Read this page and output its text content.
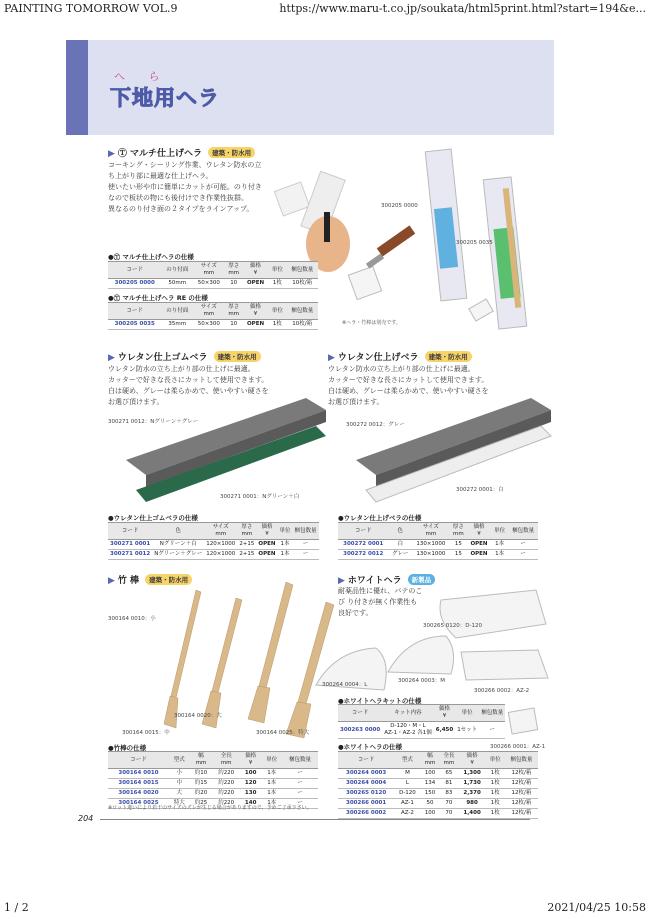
PAINTING TOMORROW VOL.9	https://www.maru-t.co.jp/soukata/html5print.html?start=194&e...
へ ら
下地用ヘラ
▶ Ⓣ マルチ仕上げヘラ 建築・防水用
コーキング・シーリング作業、ウレタン防水の立
ち上がり部に最適な仕上げヘラ。
使いたい形や巾に簡単にカットが可能。のり付き
なので板状の物にも後付けでき作業性抜群。
異なるのり付き面の２タイプをラインアップ。	300205 0000
300205 0035
※ヘラ・竹棒は別売です。
●Ⓣ マルチ仕上げヘラの仕様
コード	のり付面	サイズ
mm	厚さ
mm	価格
¥	単位	梱包数量
300205 0000	50mm	50×300	10	OPEN	1枚	10枚/箱
●Ⓣ マルチ仕上げヘラ RE の仕様
コード	のり付面	サイズ
mm	厚さ
mm	価格
¥	単位	梱包数量
300205 0035	35mm	50×300	10	OPEN	1枚	10枚/箱
▶ ウレタン仕上ゴムベラ 建築・防水用
ウレタン防水の立ち上がり部の仕上げに最適。
カッターで好きな長さにカットして使用できます。
白は硬め、グレーは柔らかめで、使いやすい硬さを
お選び頂けます。
300271 0012：Nグリーン＋グレー
300271 0001：Nグリーン＋白
●ウレタン仕上ゴムベラの仕様
コード	色	サイズ
mm	厚さ
mm	価格
¥	単位	梱包数量
300271 0001	Nグリーン＋白	120×1000	2+15	OPEN	1本	ー
300271 0012	Nグリーン＋グレー	120×1000	2+15	OPEN	1本	ー
▶ ウレタン仕上げベラ 建築・防水用
ウレタン防水の立ち上がり部の仕上げに最適。
カッターで好きな長さにカットして使用できます。
白は硬め、グレーは柔らかめで、使いやすい硬さを
お選び頂けます。
300272 0012：グレー
300272 0001：白
●ウレタン仕上げベラの仕様
コード	色	サイズ
mm	厚さ
mm	価格
¥	単位	梱包数量
300272 0001	白	130×1000	15	OPEN	1本	ー
300272 0012	グレー	130×1000	15	OPEN	1本	ー
▶ 竹 棒 建築・防水用
300164 0010：小
300164 0015：中
300164 0020：大
300164 0025：特大
●竹棒の仕様
コード	型式	幅
mm	全長
mm	価格
¥	単位	梱包数量
300164 0010	小	約10	約220	100	1本	ー
300164 0015	中	約15	約220	120	1本	ー
300164 0020	大	約20	約220	130	1本	ー
300164 0025	特大	約25	約220	140	1本	ー
※ロット違いにより若干のサイズのズレが生じる場合がありますので、予めご了承下さい。
▶ ホワイトヘラ 新製品
耐薬品性に優れ、バテのこ
び り付きが無く作業性も
良好です。
300265 0120：D-120
300264 0004：L
300264 0003：M
300266 0002：AZ-2
●ホワイトヘラキットの仕様
コード	キット内容	価格
¥	単位	梱包数量
300263 0000	D-120・M・L
AZ-1・AZ-2 各1個	6,450	1セット	ー
300266 0001：AZ-1
●ホワイトヘラの仕様
コード	型式	幅
mm	全長
mm	価格
¥	単位	梱包数量
300264 0003	M	100	65	1,300	1枚	12枚/箱
300264 0004	L	134	81	1,730	1枚	12枚/箱
300265 0120	D-120	150	83	2,370	1枚	12枚/箱
300266 0001	AZ-1	50	70	980	1枚	12枚/箱
300266 0002	AZ-2	100	70	1,400	1枚	12枚/箱
204
1 / 2	2021/04/25 10:58
